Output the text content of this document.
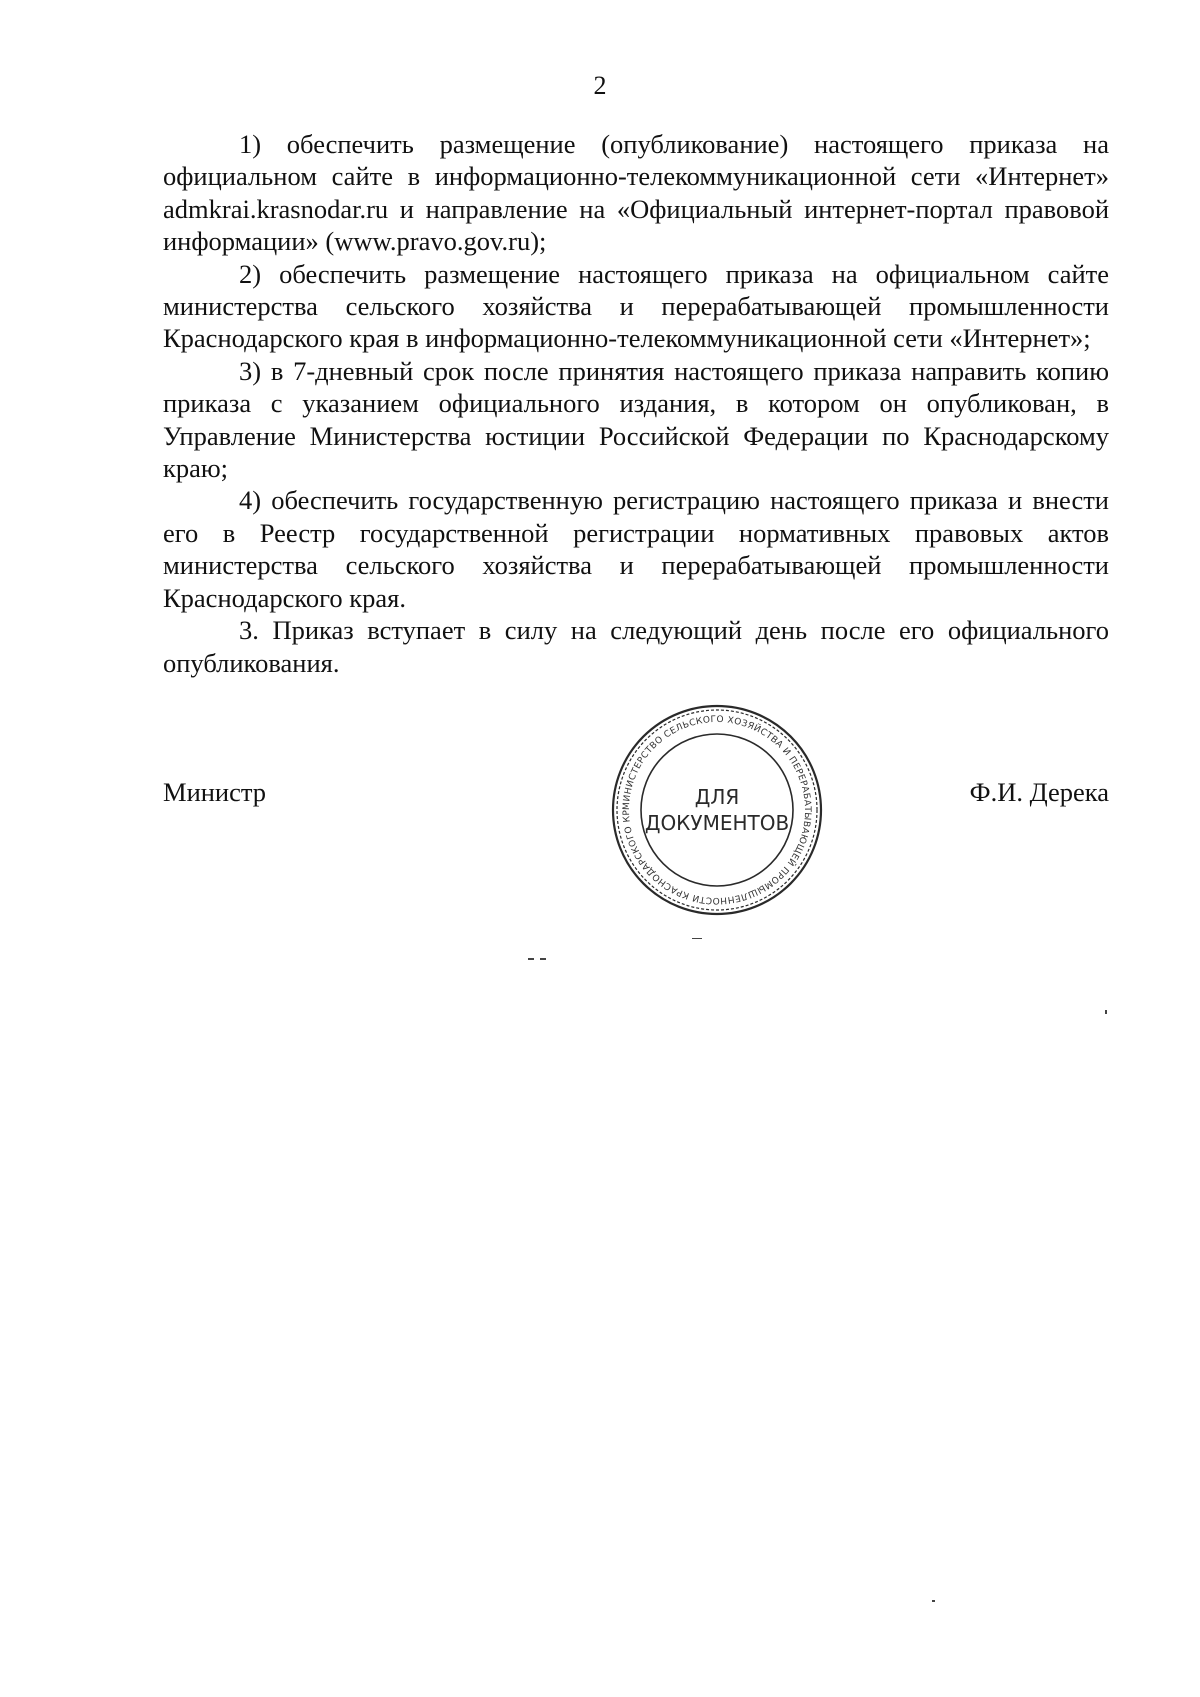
2

1) обеспечить размещение (опубликование) настоящего приказа на официальном сайте в информационно-телекоммуникационной сети «Интернет» admkrai.krasnodar.ru и направление на «Официальный интернет-портал правовой информации» (www.pravo.gov.ru);

2) обеспечить размещение настоящего приказа на официальном сайте министерства сельского хозяйства и перерабатывающей промышленности Краснодарского края в информационно-телекоммуникационной сети «Интернет»;

3) в 7-дневный срок после принятия настоящего приказа направить копию приказа с указанием официального издания, в котором он опубликован, в Управление Министерства юстиции Российской Федерации по Краснодарскому краю;

4) обеспечить государственную регистрацию настоящего приказа и внести его в Реестр государственной регистрации нормативных правовых актов министерства сельского хозяйства и перерабатывающей промышленности Краснодарского края.

3. Приказ вступает в силу на следующий день после его официального опубликования.

Министр	Ф.И. Дерека
МИНИСТЕРСТВО СЕЛЬСКОГО ХОЗЯЙСТВА И ПЕРЕРАБАТЫВАЮЩЕЙ ПРОМЫШЛЕННОСТИ КРАСНОДАРСКОГО КР
ДЛЯ
ДОКУМЕНТОВ
